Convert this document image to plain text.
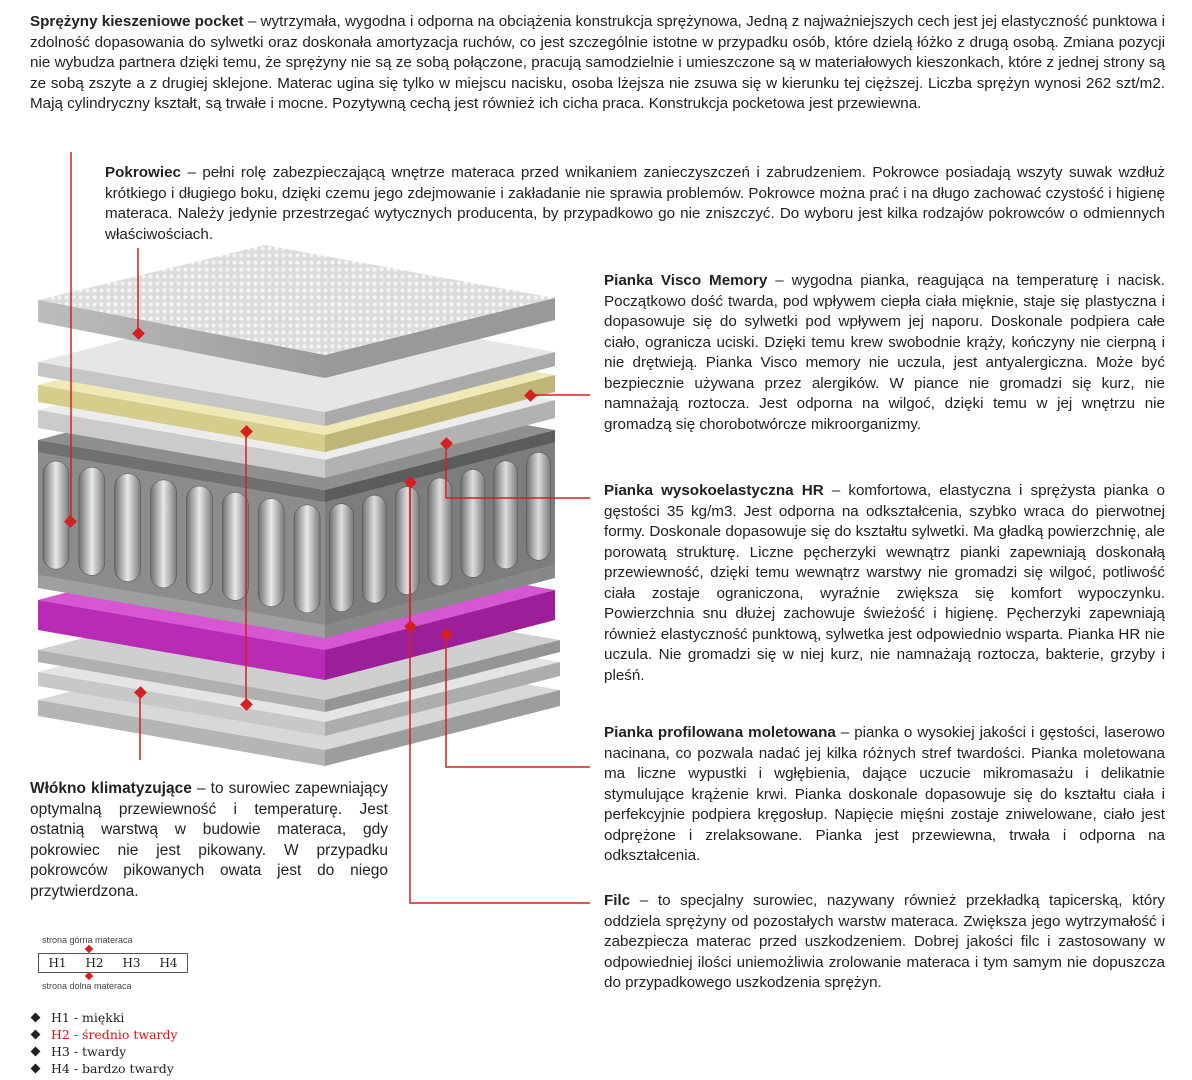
Sprężyny kieszeniowe pocket – wytrzymała, wygodna i odporna na obciążenia konstrukcja sprężynowa, Jedną z najważniejszych cech jest jej elastyczność punktowa i zdolność dopasowania do sylwetki oraz doskonała amortyzacja ruchów, co jest szczególnie istotne w przypadku osób, które dzielą łóżko z drugą osobą. Zmiana pozycji nie wybudza partnera dzięki temu, że sprężyny nie są ze sobą połączone, pracują samodzielnie i umieszczone są w materiałowych kieszonkach, które z jednej strony są ze sobą zszyte a z drugiej sklejone. Materac ugina się tylko w miejscu nacisku, osoba lżejsza nie zsuwa się w kierunku tej cięższej. Liczba sprężyn wynosi 262 szt/m2. Mają cylindryczny kształt, są trwałe i mocne. Pozytywną cechą jest również ich cicha praca. Konstrukcja pocketowa jest przewiewna.

Pokrowiec – pełni rolę zabezpieczającą wnętrze materaca przed wnikaniem zanieczyszczeń i zabrudzeniem. Pokrowce posiadają wszyty suwak wzdłuż krótkiego i długiego boku, dzięki czemu jego zdejmowanie i zakładanie nie sprawia problemów. Pokrowce można prać i na długo zachować czystość i higienę materaca. Należy jedynie przestrzegać wytycznych producenta, by przypadkowo go nie zniszczyć. Do wyboru jest kilka rodzajów pokrowców o odmiennych właściwościach.

Pianka Visco Memory – wygodna pianka, reagująca na temperaturę i nacisk. Początkowo dość twarda, pod wpływem ciepła ciała mięknie, staje się plastyczna i dopasowuje się do sylwetki pod wpływem jej naporu. Doskonale podpiera całe ciało, ogranicza uciski. Dzięki temu krew swobodnie krąży, kończyny nie cierpną i nie drętwieją. Pianka Visco memory nie uczula, jest antyalergiczna. Może być bezpiecznie używana przez alergików. W piance nie gromadzi się kurz, nie namnażają roztocza. Jest odporna na wilgoć, dzięki temu w jej wnętrzu nie gromadzą się chorobotwórcze mikroorganizmy.

Pianka wysokoelastyczna HR – komfortowa, elastyczna i sprężysta pianka o gęstości 35 kg/m3. Jest odporna na odkształcenia, szybko wraca do pierwotnej formy. Doskonale dopasowuje się do kształtu sylwetki. Ma gładką powierzchnię, ale porowatą strukturę. Liczne pęcherzyki wewnątrz pianki zapewniają doskonałą przewiewność, dzięki temu wewnątrz warstwy nie gromadzi się wilgoć, potliwość ciała zostaje ograniczona, wyraźnie zwiększa się komfort wypoczynku. Powierzchnia snu dłużej zachowuje świeżość i higienę. Pęcherzyki zapewniają również elastyczność punktową, sylwetka jest odpowiednio wsparta. Pianka HR nie uczula. Nie gromadzi się w niej kurz, nie namnażają roztocza, bakterie, grzyby i pleśń.

Pianka profilowana moletowana – pianka o wysokiej jakości i gęstości, laserowo nacinana, co pozwala nadać jej kilka różnych stref twardości. Pianka moletowana ma liczne wypustki i wgłębienia, dające uczucie mikromasażu i delikatnie stymulujące krążenie krwi. Pianka doskonale dopasowuje się do kształtu ciała i perfekcyjnie podpiera kręgosłup. Napięcie mięśni zostaje zniwelowane, ciało jest odprężone i zrelaksowane. Pianka jest przewiewna, trwała i odporna na odkształcenia.

Filc – to specjalny surowiec, nazywany również przekładką tapicerską, który oddziela sprężyny od pozostałych warstw materaca. Zwiększa jego wytrzymałość i zabezpiecza materac przed uszkodzeniem. Dobrej jakości filc i zastosowany w odpowiedniej ilości uniemożliwia zrolowanie materaca i tym samym nie dopuszcza do przypadkowego uszkodzenia sprężyn.

Włókno klimatyzujące – to surowiec zapewniający optymalną przewiewność i temperaturę. Jest ostatnią warstwą w budowie materaca, gdy pokrowiec nie jest pikowany. W przypadku pokrowców pikowanych owata jest do niego przytwierdzona.

strona górna materaca
H1	H2	H3	H4
strona dolna materaca
H1 - miękki
H2 - średnio twardy
H3 - twardy
H4 - bardzo twardy
